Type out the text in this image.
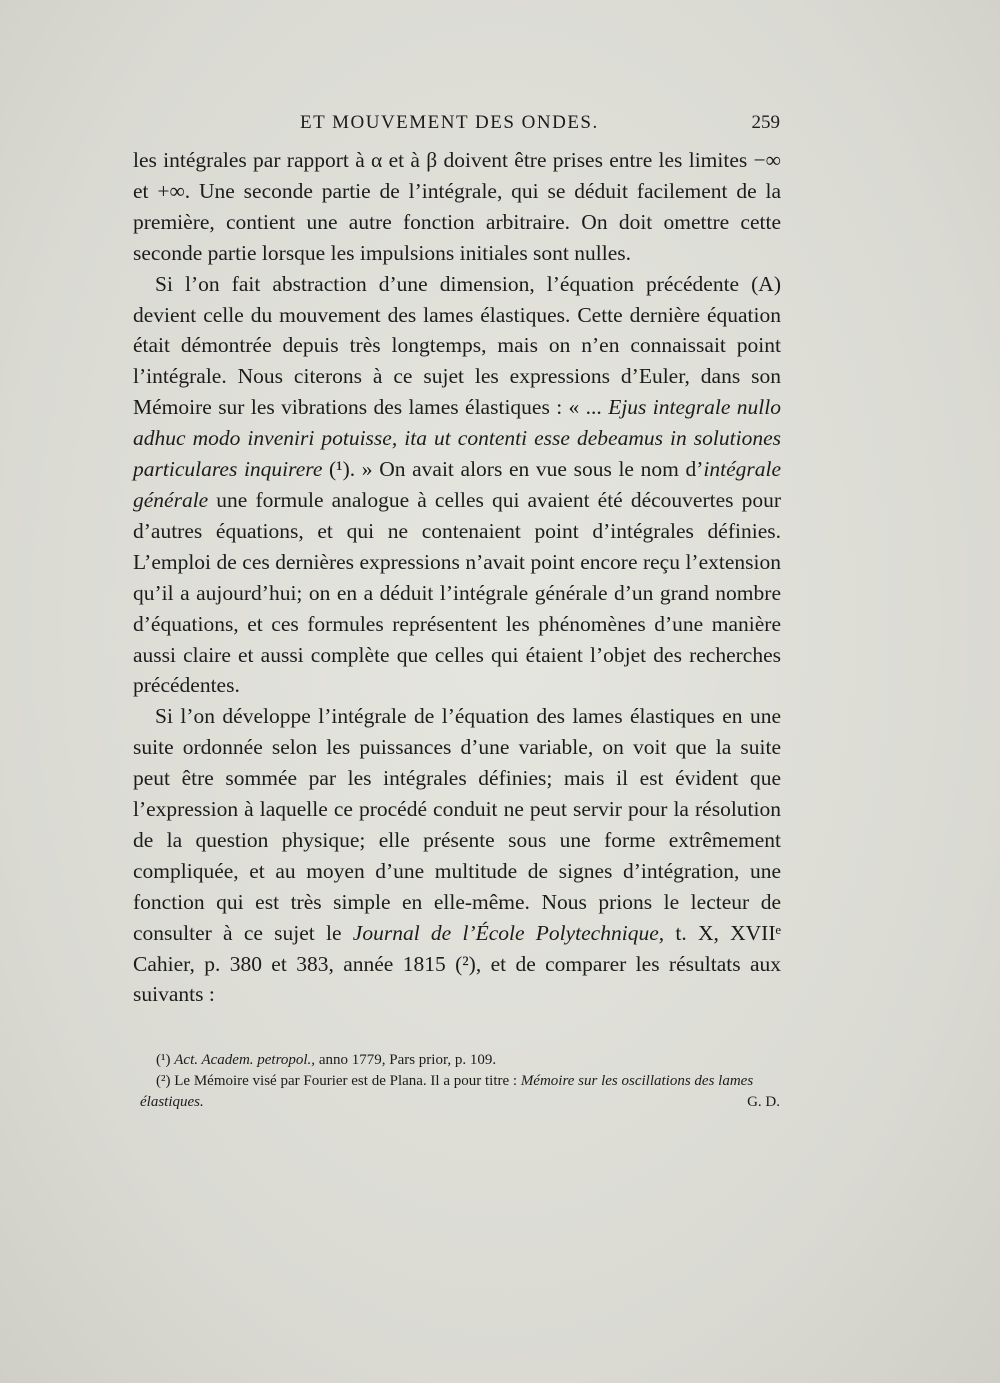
ET MOUVEMENT DES ONDES.	259

les intégrales par rapport à α et à β doivent être prises entre les limites −∞ et +∞. Une seconde partie de l’intégrale, qui se déduit facilement de la première, contient une autre fonction arbitraire. On doit omettre cette seconde partie lorsque les impulsions initiales sont nulles.

Si l’on fait abstraction d’une dimension, l’équation précédente (A) devient celle du mouvement des lames élastiques. Cette dernière équation était démontrée depuis très longtemps, mais on n’en connaissait point l’intégrale. Nous citerons à ce sujet les expressions d’Euler, dans son Mémoire sur les vibrations des lames élastiques : « ... Ejus integrale nullo adhuc modo inveniri potuisse, ita ut contenti esse debeamus in solutiones particulares inquirere (¹). » On avait alors en vue sous le nom d’intégrale générale une formule analogue à celles qui avaient été découvertes pour d’autres équations, et qui ne contenaient point d’intégrales définies. L’emploi de ces dernières expressions n’avait point encore reçu l’extension qu’il a aujourd’hui; on en a déduit l’intégrale générale d’un grand nombre d’équations, et ces formules représentent les phénomènes d’une manière aussi claire et aussi complète que celles qui étaient l’objet des recherches précédentes.

Si l’on développe l’intégrale de l’équation des lames élastiques en une suite ordonnée selon les puissances d’une variable, on voit que la suite peut être sommée par les intégrales définies; mais il est évident que l’expression à laquelle ce procédé conduit ne peut servir pour la résolution de la question physique; elle présente sous une forme extrêmement compliquée, et au moyen d’une multitude de signes d’intégration, une fonction qui est très simple en elle-même. Nous prions le lecteur de consulter à ce sujet le Journal de l’École Polytechnique, t. X, XVIIᵉ Cahier, p. 380 et 383, année 1815 (²), et de comparer les résultats aux suivants :

(¹) Act. Academ. petropol., anno 1779, Pars prior, p. 109.

(²) Le Mémoire visé par Fourier est de Plana. Il a pour titre : Mémoire sur les oscillations des lames élastiques.	G. D.
